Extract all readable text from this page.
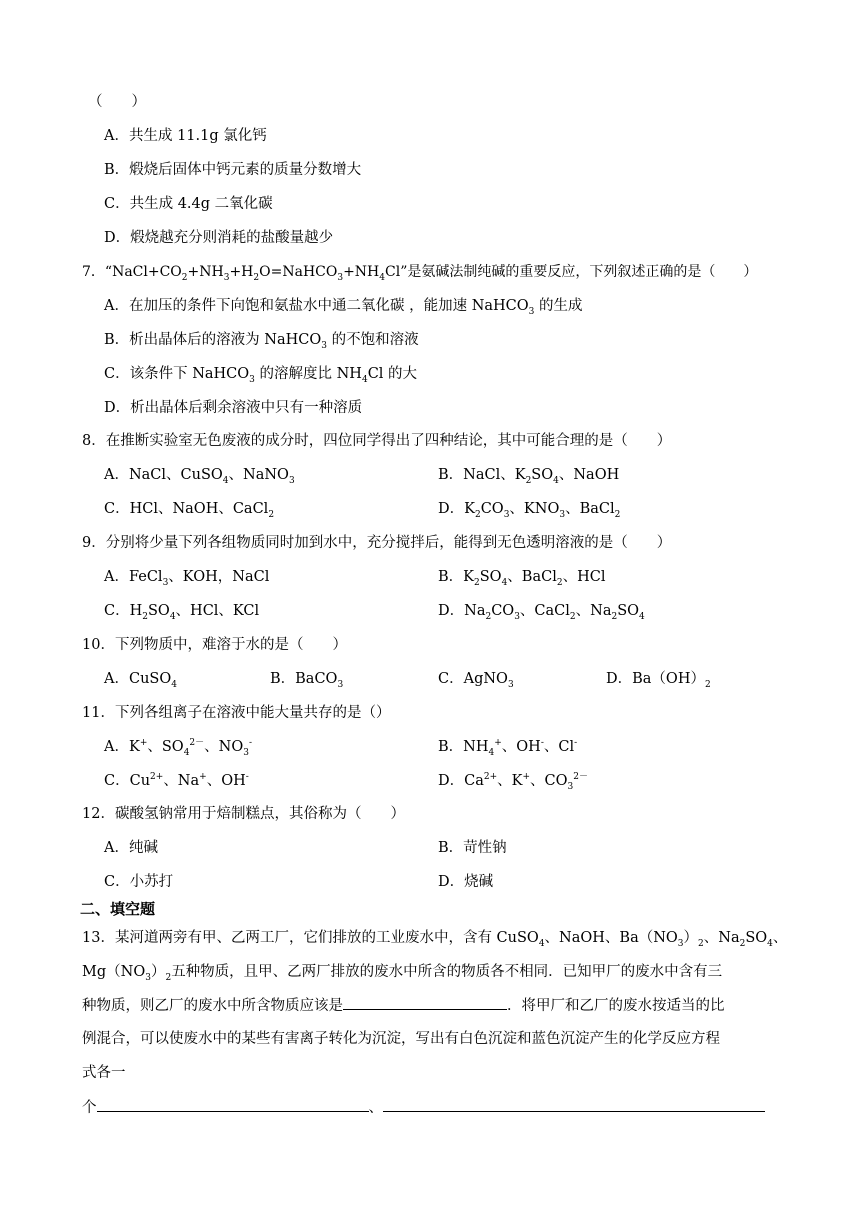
（　　）
A．共生成 11.1g 氯化钙
B．煅烧后固体中钙元素的质量分数增大
C．共生成 4.4g 二氧化碳
D．煅烧越充分则消耗的盐酸量越少
7．“$NaCl+CO_2+NH_3+H_2O=NaHCO_3+NH_4Cl$”是氨碱法制纯碱的重要反应，下列叙述正确的是（　　）
A．在加压的条件下向饱和氨盐水中通二氧化碳 ，能加速 NaHCO$_3$ 的生成
B．析出晶体后的溶液为 NaHCO$_3$ 的不饱和溶液
C．该条件下 NaHCO$_3$ 的溶解度比 $NH_4Cl$ 的大
D．析出晶体后剩余溶液中只有一种溶质
8．在推断实验室无色废液的成分时，四位同学得出了四种结论，其中可能合理的是（　　）
A．NaCl、CuSO$_4$、NaNO$_3$	B．NaCl、$K_2SO_4$、NaOH
C．HCl、NaOH、CaCl$_2$	D．$K_2CO_3$、$KNO_3$、BaCl$_2$
9．分别将少量下列各组物质同时加到水中，充分搅拌后，能得到无色透明溶液的是（　　）
A．FeCl$_3$、KOH，NaCl	B．$K_2SO_4$、BaCl$_2$、HCl
C．$H_2SO_4$、HCl、KCl	D．$Na_2CO_3$、CaCl$_2$、$Na_2SO_4$
10．下列物质中，难溶于水的是（　　）
A．CuSO$_4$	B．BaCO$_3$	C．AgNO$_3$	D．$Ba(OH)_2$
11．下列各组离子在溶液中能大量共存的是（）
A．K+、$SO_4^{2-}$、$NO_3^-$	B．$NH_4^+$、OH-、Cl-
C．$Cu^{2+}$、Na+、OH-	D．$Ca^{2+}$、K+、$CO_3^{2-}$
12．碳酸氢钠常用于焙制糕点，其俗称为（　　）
A．纯碱	B．苛性钠
C．小苏打	D．烧碱
二、填空题
13．某河道两旁有甲、乙两工厂，它们排放的工业废水中，含有 CuSO$_4$、NaOH、$Ba(NO_3)_2$、$Na_2SO_4$、
$Mg(NO_3)_2$五种物质，且甲、乙两厂排放的废水中所含的物质各不相同．已知甲厂的废水中含有三
种物质，则乙厂的废水中所含物质应该是	．将甲厂和乙厂的废水按适当的比
例混合，可以使废水中的某些有害离子转化为沉淀，写出有白色沉淀和蓝色沉淀产生的化学反应方程
式各一
个	、
